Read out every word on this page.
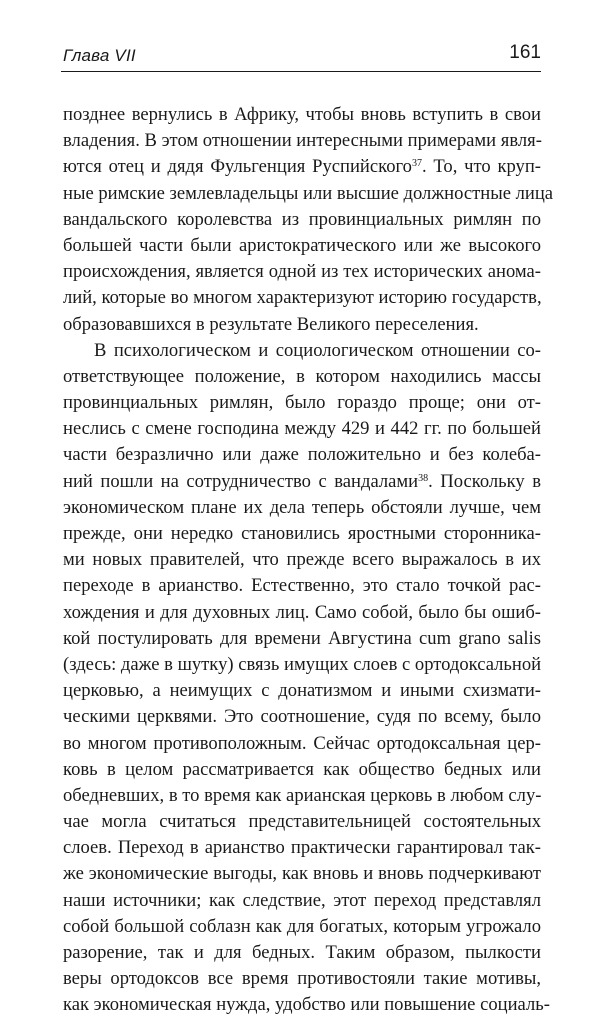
Глава VII	161

позднее вернулись в Африку, чтобы вновь вступить в свои
владения. В этом отношении интересными примерами явля-
ются отец и дядя Фульгенция Руспийского$^{37}$. То, что круп-
ные римские землевладельцы или высшие должностные лица
вандальского королевства из провинциальных римлян по
большей части были аристократического или же высокого
происхождения, является одной из тех исторических анома-
лий, которые во многом характеризуют историю государств,
образовавшихся в результате Великого переселения.

В психологическом и социологическом отношении со-
ответствующее положение, в котором находились массы
провинциальных римлян, было гораздо проще; они от-
неслись с смене господина между 429 и 442 гг. по большей
части безразлично или даже положительно и без колеба-
ний пошли на сотрудничество с вандалами$^{38}$. Поскольку в
экономическом плане их дела теперь обстояли лучше, чем
прежде, они нередко становились яростными сторонника-
ми новых правителей, что прежде всего выражалось в их
переходе в арианство. Естественно, это стало точкой рас-
хождения и для духовных лиц. Само собой, было бы ошиб-
кой постулировать для времени Августина cum grano salis
(здесь: даже в шутку) связь имущих слоев с ортодоксальной
церковью, а неимущих с донатизмом и иными схизмати-
ческими церквями. Это соотношение, судя по всему, было
во многом противоположным. Сейчас ортодоксальная цер-
ковь в целом рассматривается как общество бедных или
обедневших, в то время как арианская церковь в любом слу-
чае могла считаться представительницей состоятельных
слоев. Переход в арианство практически гарантировал так-
же экономические выгоды, как вновь и вновь подчеркивают
наши источники; как следствие, этот переход представлял
собой большой соблазн как для богатых, которым угрожало
разорение, так и для бедных. Таким образом, пылкости
веры ортодоксов все время противостояли такие мотивы,
как экономическая нужда, удобство или повышение социаль-
